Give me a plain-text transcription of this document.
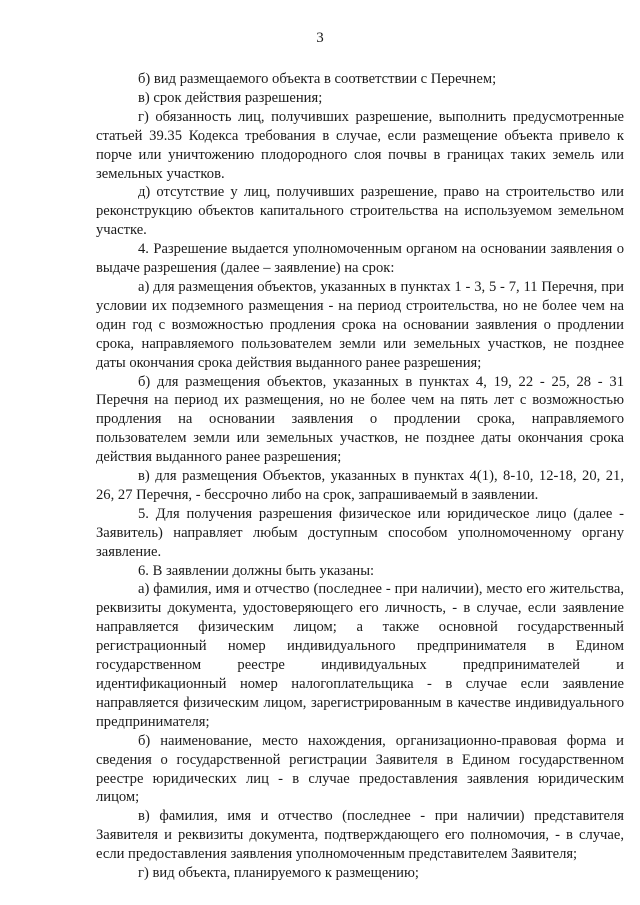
3

б) вид размещаемого объекта в соответствии с Перечнем;

в) срок действия разрешения;

г) обязанность лиц, получивших разрешение, выполнить предусмотренные статьей 39.35 Кодекса требования в случае, если размещение объекта привело к порче или уничтожению плодородного слоя почвы в границах таких земель или земельных участков.

д) отсутствие у лиц, получивших разрешение, право на строительство или реконструкцию объектов капитального строительства на используемом земельном участке.

4. Разрешение выдается уполномоченным органом на основании заявления о выдаче разрешения (далее – заявление) на срок:

а) для размещения объектов, указанных в пунктах 1 - 3, 5 - 7, 11 Перечня, при условии их подземного размещения - на период строительства, но не более чем на один год с возможностью продления срока на основании заявления о продлении срока, направляемого пользователем земли или земельных участков, не позднее даты окончания срока действия выданного ранее разрешения;

б) для размещения объектов, указанных в пунктах 4, 19, 22 - 25, 28 - 31 Перечня на период их размещения, но не более чем на пять лет с возможностью продления на основании заявления о продлении срока, направляемого пользователем земли или земельных участков, не позднее даты окончания срока действия выданного ранее разрешения;

в) для размещения Объектов, указанных в пунктах 4(1), 8-10, 12-18, 20, 21, 26, 27 Перечня, - бессрочно либо на срок, запрашиваемый в заявлении.

5. Для получения разрешения физическое или юридическое лицо (далее - Заявитель) направляет любым доступным способом уполномоченному органу заявление.

6. В заявлении должны быть указаны:

а) фамилия, имя и отчество (последнее - при наличии), место его жительства, реквизиты документа, удостоверяющего его личность, - в случае, если заявление направляется физическим лицом; а также основной государственный регистрационный номер индивидуального предпринимателя в Едином государственном реестре индивидуальных предпринимателей и идентификационный номер налогоплательщика - в случае если заявление направляется физическим лицом, зарегистрированным в качестве индивидуального предпринимателя;

б) наименование, место нахождения, организационно-правовая форма и сведения о государственной регистрации Заявителя в Едином государственном реестре юридических лиц - в случае предоставления заявления юридическим лицом;

в) фамилия, имя и отчество (последнее - при наличии) представителя Заявителя и реквизиты документа, подтверждающего его полномочия, - в случае, если предоставления заявления уполномоченным представителем Заявителя;

г) вид объекта, планируемого к размещению;
